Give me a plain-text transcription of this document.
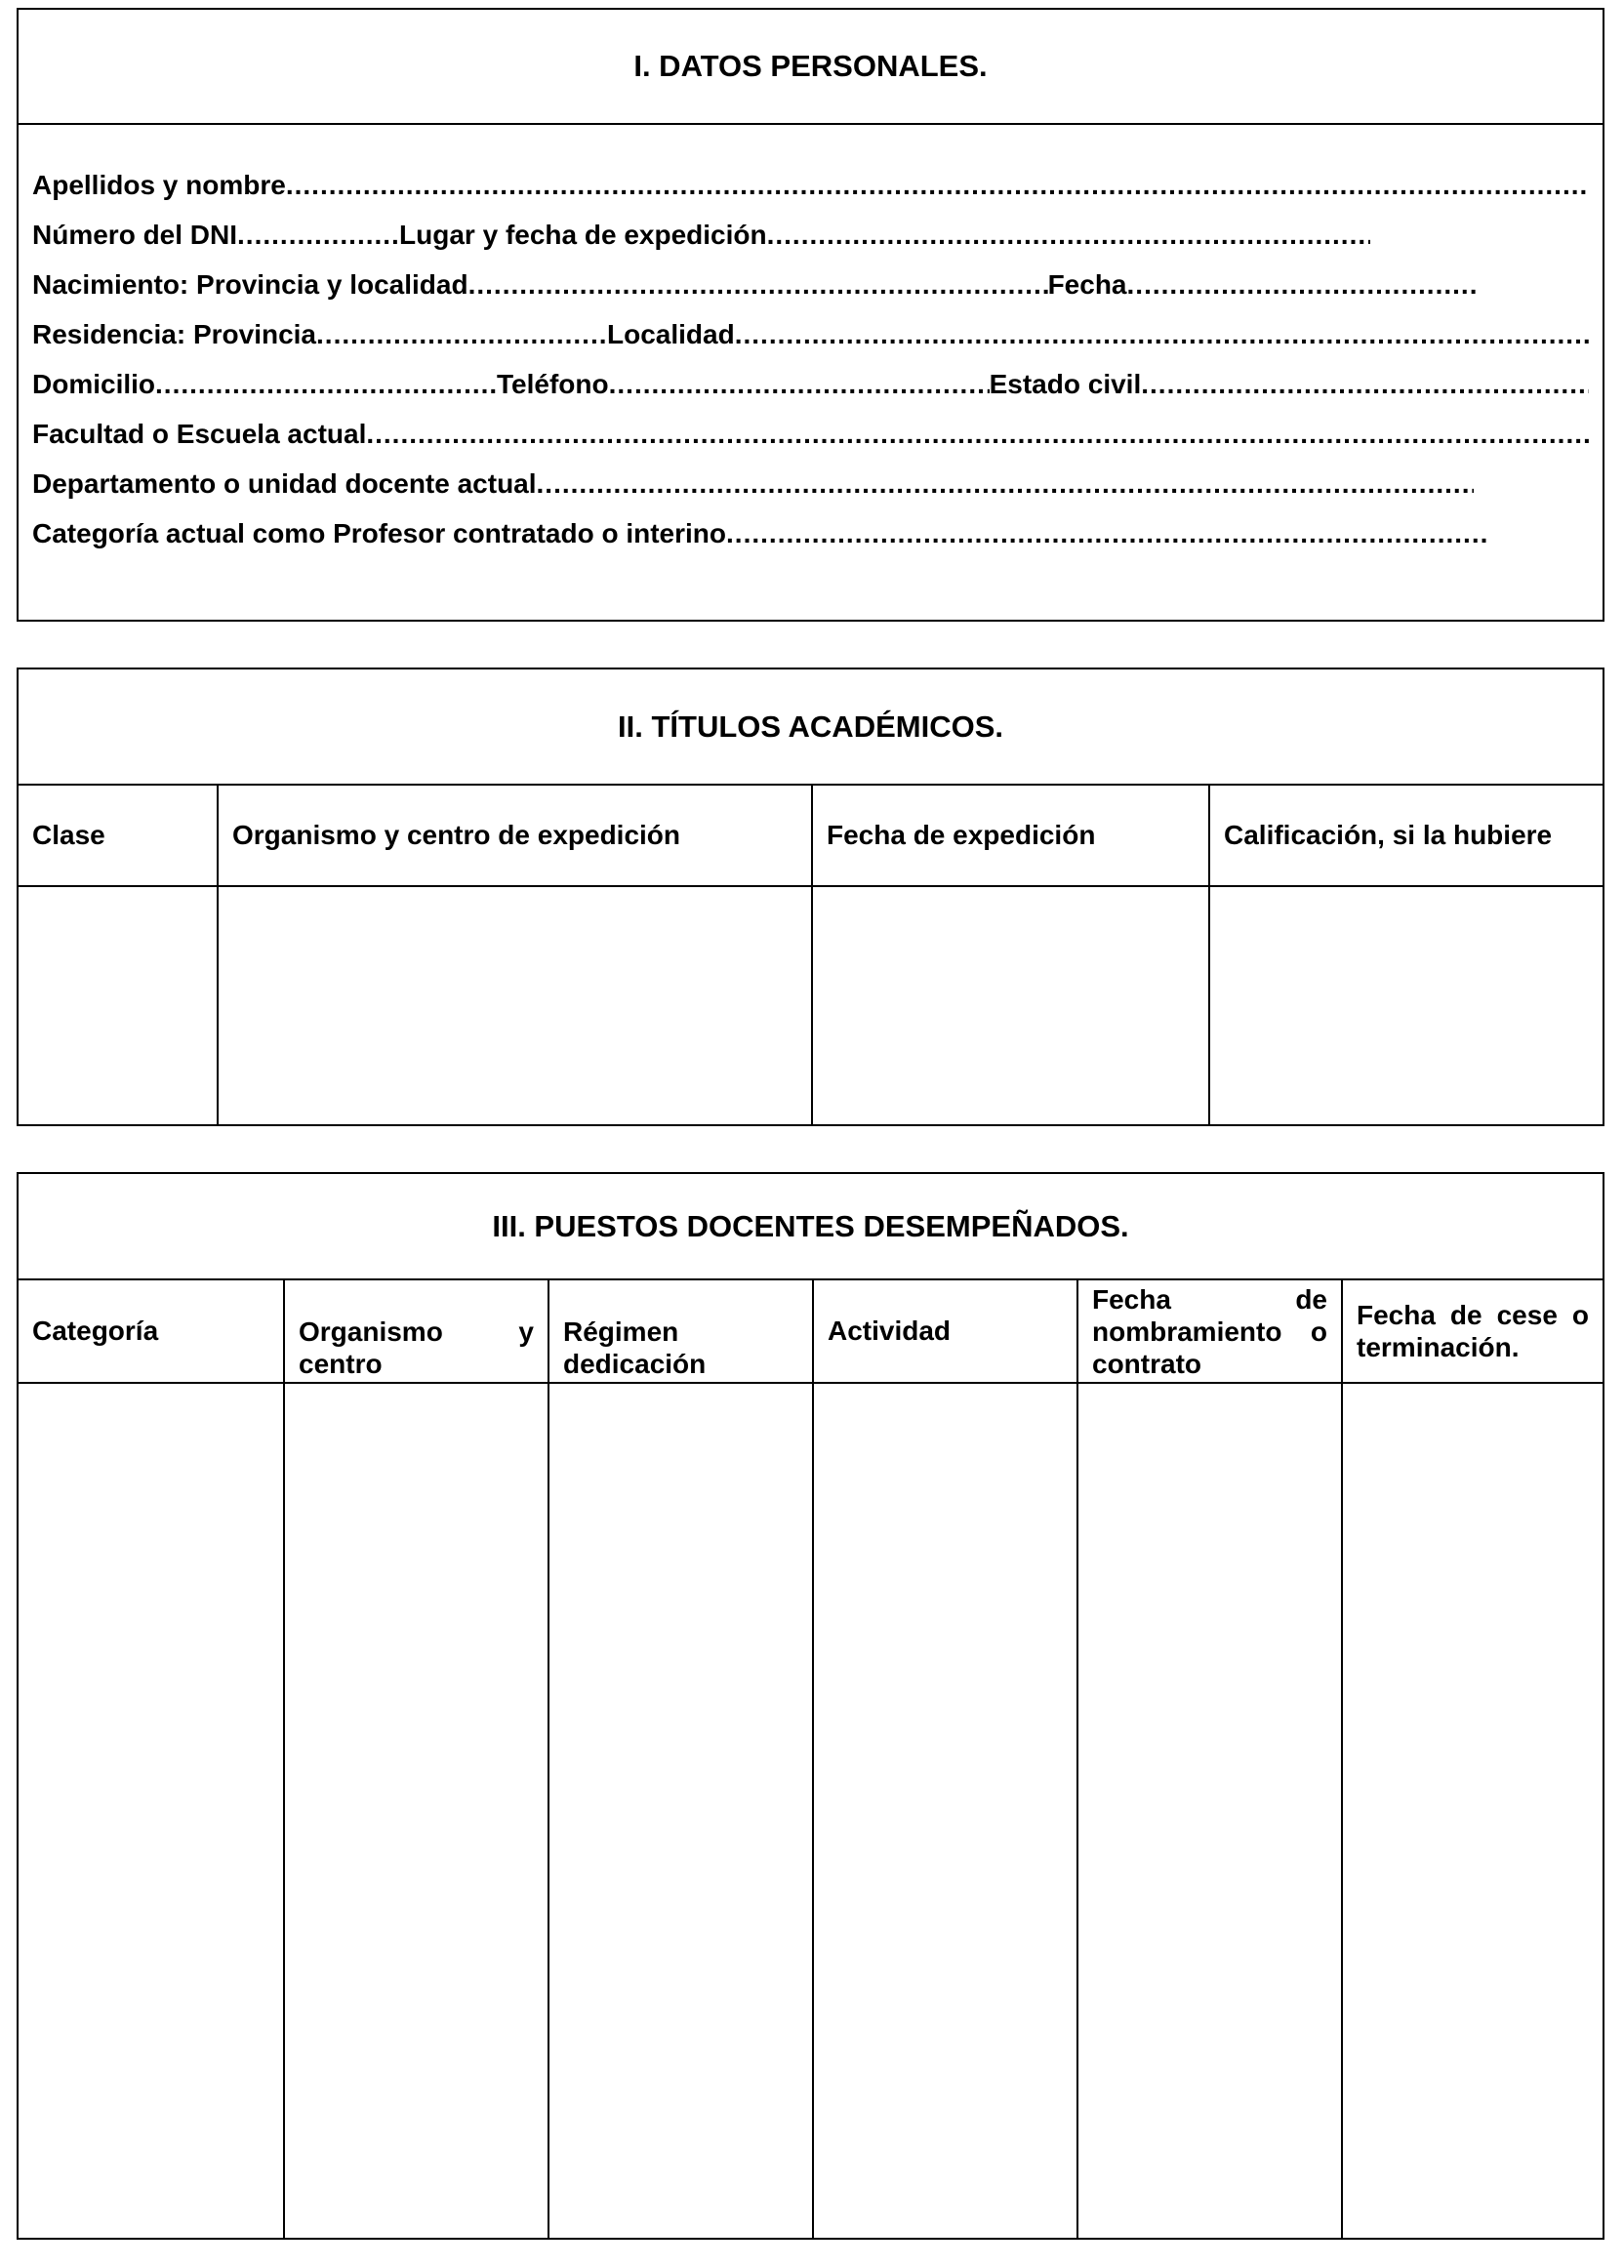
I. DATOS PERSONALES.
Apellidos y nombre
.....
Número del DNI .....	Lugar y fecha de expedición
.....
Nacimiento: Provincia y localidad .....	Fecha
.....
Residencia: Provincia .....	Localidad
.....
Domicilio .....	Teléfono .....	Estado civil
.....
Facultad o Escuela actual
.....
Departamento o unidad docente actual
.....
Categoría actual como Profesor contratado o interino
.....
II. TÍTULOS ACADÉMICOS.
Clase	Organismo y centro de expedición	Fecha de expedición	Calificación, si la hubiere

III. PUESTOS DOCENTES DESEMPEÑADOS.
Categoría	Organismo y centro	Régimen dedicación	Actividad	Fecha de nombramiento o contrato	Fecha de cese o terminación.
